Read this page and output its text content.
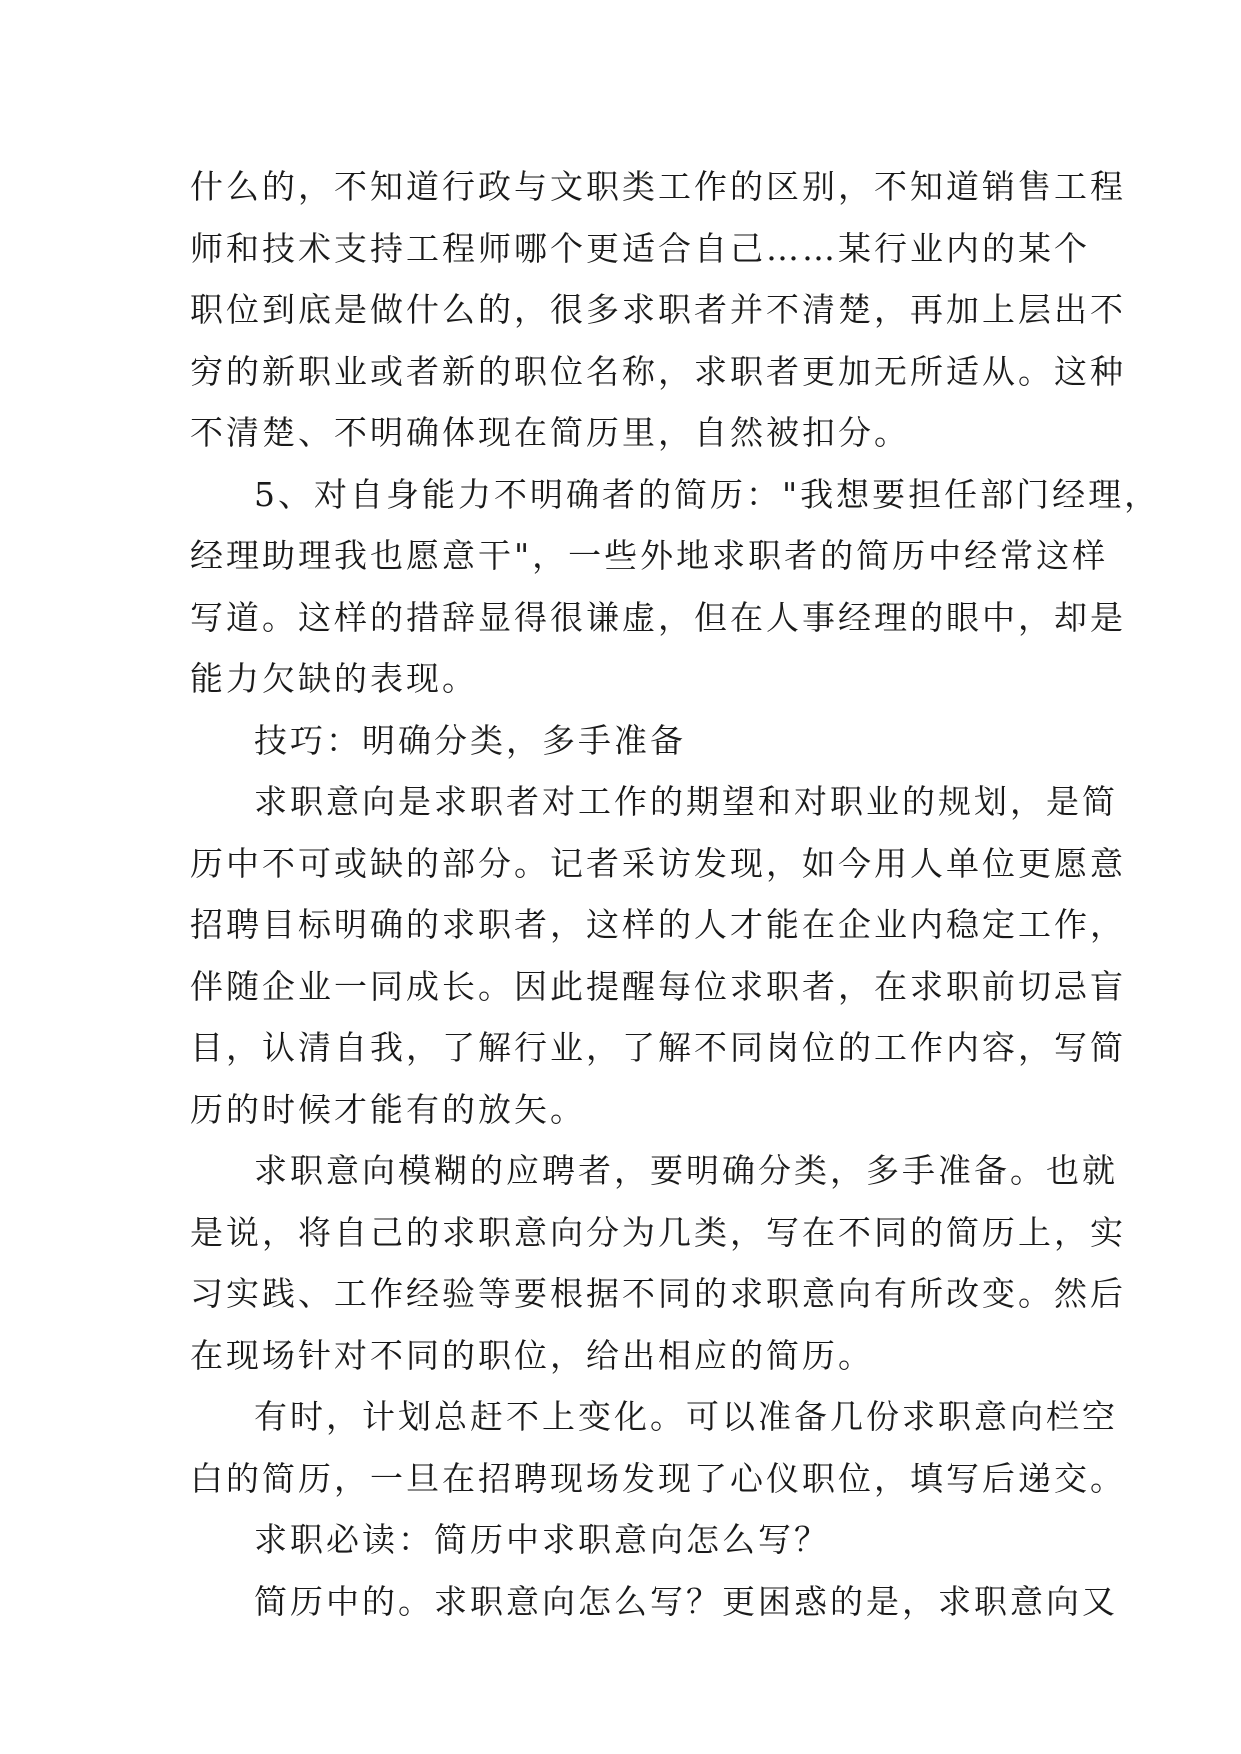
什么的，不知道行政与文职类工作的区别，不知道销售工程
师和技术支持工程师哪个更适合自己……某行业内的某个
职位到底是做什么的，很多求职者并不清楚，再加上层出不
穷的新职业或者新的职位名称，求职者更加无所适从。这种
不清楚、不明确体现在简历里，自然被扣分。
5、对自身能力不明确者的简历："我想要担任部门经理，
经理助理我也愿意干"，一些外地求职者的简历中经常这样
写道。这样的措辞显得很谦虚，但在人事经理的眼中，却是
能力欠缺的表现。
技巧：明确分类，多手准备
求职意向是求职者对工作的期望和对职业的规划，是简
历中不可或缺的部分。记者采访发现，如今用人单位更愿意
招聘目标明确的求职者，这样的人才能在企业内稳定工作，
伴随企业一同成长。因此提醒每位求职者，在求职前切忌盲
目，认清自我，了解行业，了解不同岗位的工作内容，写简
历的时候才能有的放矢。
求职意向模糊的应聘者，要明确分类，多手准备。也就
是说，将自己的求职意向分为几类，写在不同的简历上，实
习实践、工作经验等要根据不同的求职意向有所改变。然后
在现场针对不同的职位，给出相应的简历。
有时，计划总赶不上变化。可以准备几份求职意向栏空
白的简历，一旦在招聘现场发现了心仪职位，填写后递交。
求职必读：简历中求职意向怎么写？
简历中的。求职意向怎么写？更困惑的是，求职意向又
